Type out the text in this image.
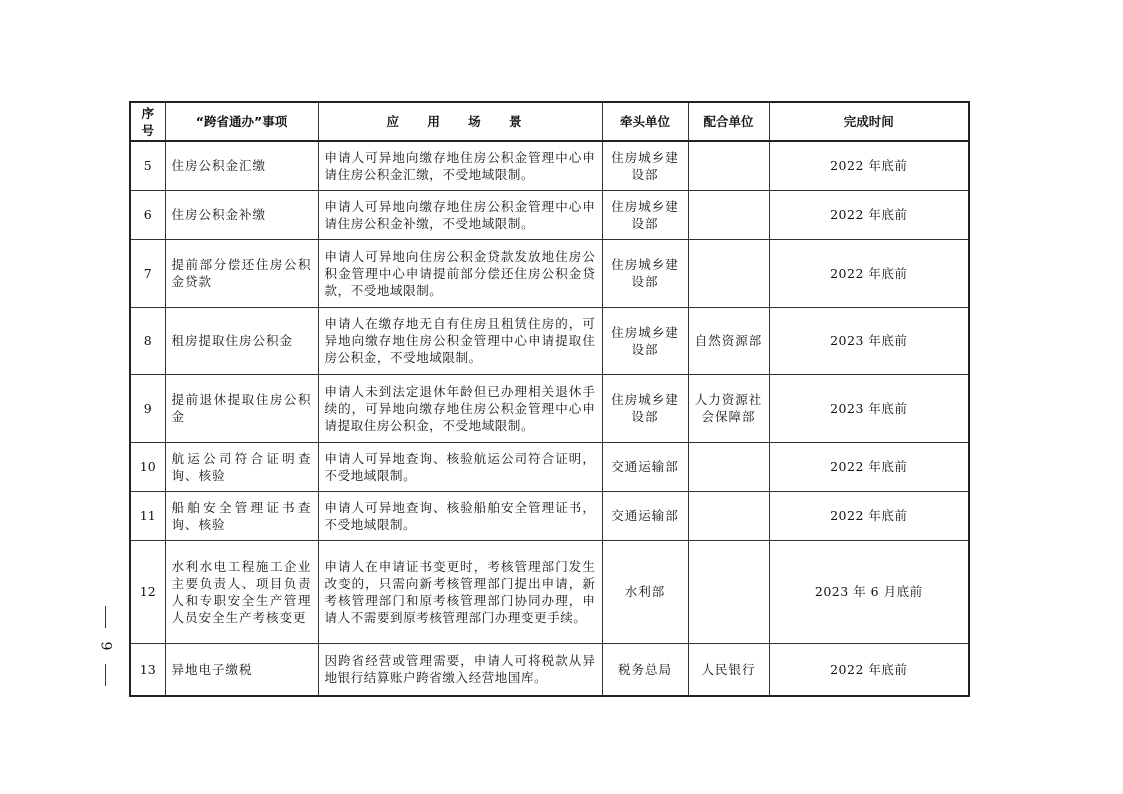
序号	“跨省通办”事项	应 用 场 景	牵头单位	配合单位	完成时间
5	住房公积金汇缴	申请人可异地向缴存地住房公积金管理中心申请住房公积金汇缴，不受地域限制。	住房城乡建设部		2022 年底前
6	住房公积金补缴	申请人可异地向缴存地住房公积金管理中心申请住房公积金补缴，不受地域限制。	住房城乡建设部		2022 年底前
7	提前部分偿还住房公积金贷款	申请人可异地向住房公积金贷款发放地住房公积金管理中心申请提前部分偿还住房公积金贷款，不受地域限制。	住房城乡建设部		2022 年底前
8	租房提取住房公积金	申请人在缴存地无自有住房且租赁住房的，可异地向缴存地住房公积金管理中心申请提取住房公积金，不受地域限制。	住房城乡建设部	自然资源部	2023 年底前
9	提前退休提取住房公积金	申请人未到法定退休年龄但已办理相关退休手续的，可异地向缴存地住房公积金管理中心申请提取住房公积金，不受地域限制。	住房城乡建设部	人力资源社会保障部	2023 年底前
10	航运公司符合证明查询、核验	申请人可异地查询、核验航运公司符合证明，不受地域限制。	交通运输部		2022 年底前
11	船舶安全管理证书查询、核验	申请人可异地查询、核验船舶安全管理证书，不受地域限制。	交通运输部		2022 年底前
12	水利水电工程施工企业主要负责人、项目负责人和专职安全生产管理人员安全生产考核变更	申请人在申请证书变更时，考核管理部门发生改变的，只需向新考核管理部门提出申请，新考核管理部门和原考核管理部门协同办理，申请人不需要到原考核管理部门办理变更手续。	水利部		2023 年 6 月底前
13	异地电子缴税	因跨省经营或管理需要，申请人可将税款从异地银行结算账户跨省缴入经营地国库。	税务总局	人民银行	2022 年底前
9
